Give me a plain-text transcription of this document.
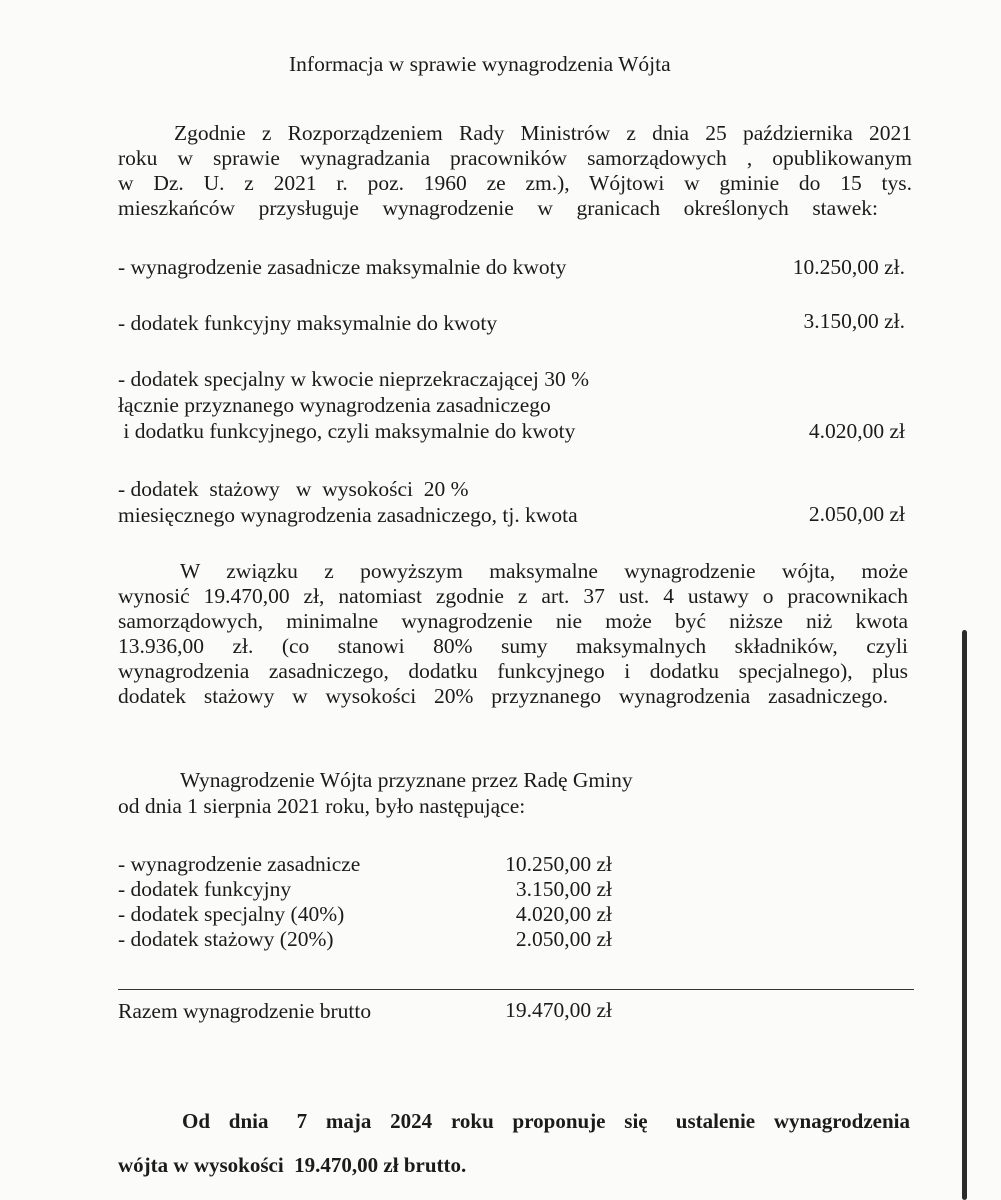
Informacja w sprawie wynagrodzenia Wójta
Zgodnie z Rozporządzeniem Rady Ministrów z dnia 25 października 2021
roku w sprawie wynagradzania pracowników samorządowych , opublikowanym
w Dz. U. z 2021 r. poz. 1960 ze zm.), Wójtowi w gminie do 15 tys.
mieszkańców przysługuje wynagrodzenie w granicach określonych stawek:
- wynagrodzenie zasadnicze maksymalnie do kwoty	10.250,00 zł.
- dodatek funkcyjny maksymalnie do kwoty	3.150,00 zł.
- dodatek specjalny w kwocie nieprzekraczającej 30 %
łącznie przyznanego wynagrodzenia zasadniczego
i dodatku funkcyjnego, czyli maksymalnie do kwoty	4.020,00 zł
- dodatek  stażowy   w  wysokości  20 %
miesięcznego wynagrodzenia zasadniczego, tj. kwota	2.050,00 zł
W związku z powyższym maksymalne wynagrodzenie wójta, może
wynosić 19.470,00 zł, natomiast zgodnie z art. 37 ust. 4 ustawy o pracownikach
samorządowych, minimalne wynagrodzenie nie może być niższe niż kwota
13.936,00 zł. (co stanowi 80% sumy maksymalnych składników, czyli
wynagrodzenia zasadniczego, dodatku funkcyjnego i dodatku specjalnego), plus
dodatek stażowy w wysokości 20% przyznanego wynagrodzenia zasadniczego.
Wynagrodzenie Wójta przyznane przez Radę Gminy
od dnia 1 sierpnia 2021 roku, było następujące:
- wynagrodzenie zasadnicze	10.250,00 zł
- dodatek funkcyjny	3.150,00 zł
- dodatek specjalny (40%)	4.020,00 zł
- dodatek stażowy (20%)	2.050,00 zł
Razem wynagrodzenie brutto	19.470,00 zł
Od  dnia   7  maja  2024  roku  proponuje  się   ustalenie  wynagrodzenia
wójta w wysokości  19.470,00 zł brutto.
